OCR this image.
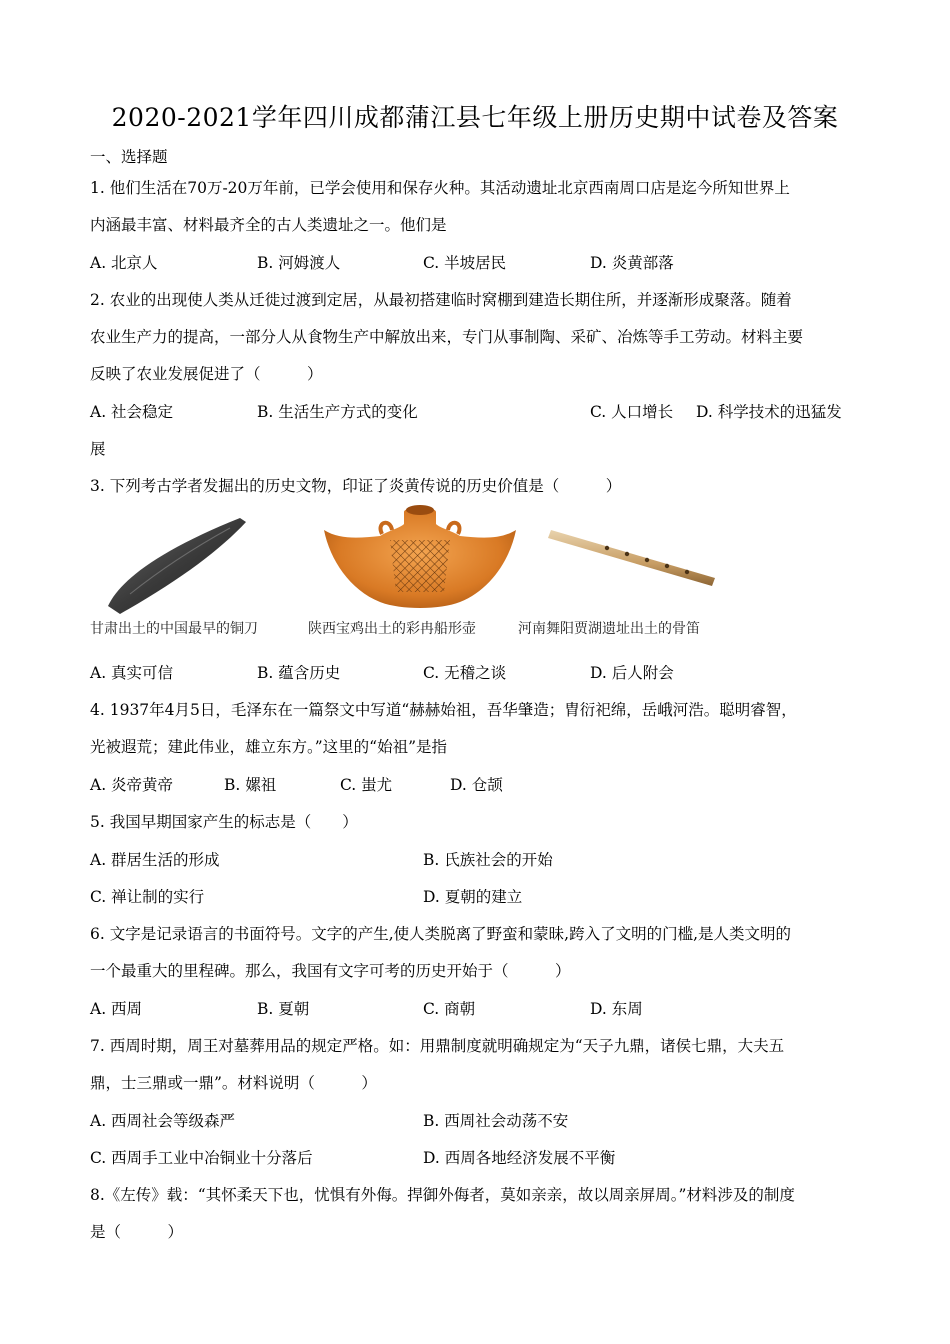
2020-2021学年四川成都蒲江县七年级上册历史期中试卷及答案
一、选择题
1. 他们生活在70万-20万年前，已学会使用和保存火种。其活动遗址北京西南周口店是迄今所知世界上
内涵最丰富、材料最齐全的古人类遗址之一。他们是
A. 北京人	B. 河姆渡人	C. 半坡居民	D. 炎黄部落
2. 农业的出现使人类从迁徙过渡到定居，从最初搭建临时窝棚到建造长期住所，并逐渐形成聚落。随着
农业生产力的提高，一部分人从食物生产中解放出来，专门从事制陶、采矿、冶炼等手工劳动。材料主要
反映了农业发展促进了（　　　）
A. 社会稳定	B. 生活生产方式的变化	C. 人口增长 D. 科学技术的迅猛发
展
3. 下列考古学者发掘出的历史文物，印证了炎黄传说的历史价值是（　　　）
甘肃出土的中国最早的铜刀	陕西宝鸡出土的彩冉船形壶	河南舞阳贾湖遗址出土的骨笛
A. 真实可信	B. 蕴含历史	C. 无稽之谈	D. 后人附会
4. 1937年4月5日，毛泽东在一篇祭文中写道“赫赫始祖，吾华肇造；胄衍祀绵，岳峨河浩。聪明睿智，
光被遐荒；建此伟业，雄立东方。”这里的“始祖”是指
A. 炎帝黄帝	B. 嫘祖	C. 蚩尤	D. 仓颉
5. 我国早期国家产生的标志是（　　）
A. 群居生活的形成	B. 氏族社会的开始
C. 禅让制的实行	D. 夏朝的建立
6. 文字是记录语言的书面符号。文字的产生,使人类脱离了野蛮和蒙昧,跨入了文明的门槛,是人类文明的
一个最重大的里程碑。那么，我国有文字可考的历史开始于（　　　）
A. 西周	B. 夏朝	C. 商朝	D. 东周
7. 西周时期，周王对墓葬用品的规定严格。如：用鼎制度就明确规定为“天子九鼎，诸侯七鼎，大夫五
鼎，士三鼎或一鼎”。材料说明（　　　）
A. 西周社会等级森严	B. 西周社会动荡不安
C. 西周手工业中冶铜业十分落后	D. 西周各地经济发展不平衡
8.《左传》载：“其怀柔天下也，忧惧有外侮。捍御外侮者，莫如亲亲，故以周亲屏周。”材料涉及的制度
是（　　　）
